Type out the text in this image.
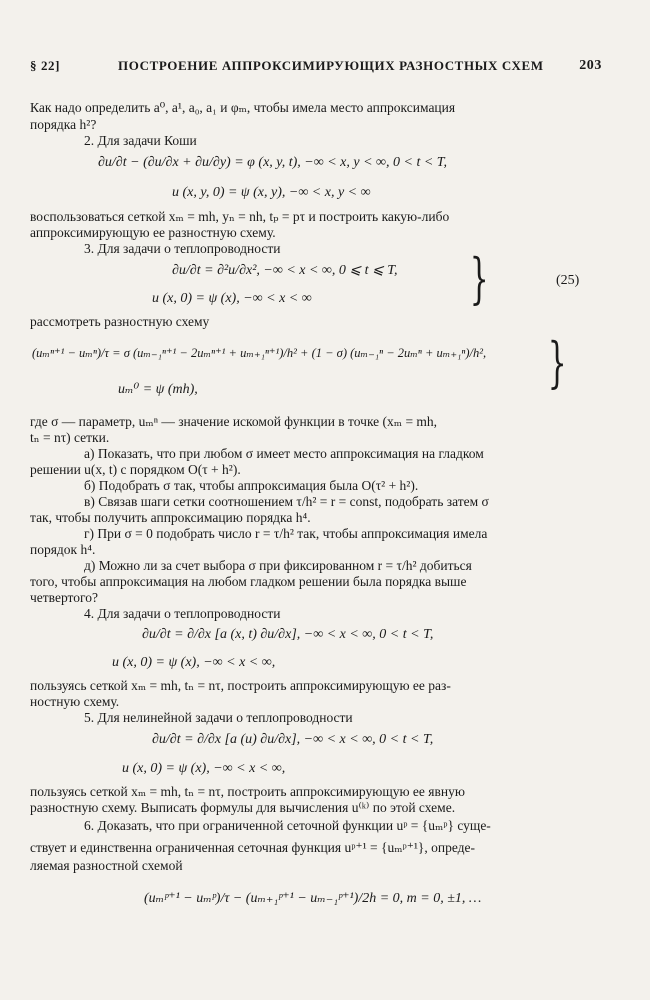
§ 22]	ПОСТРОЕНИЕ АППРОКСИМИРУЮЩИХ РАЗНОСТНЫХ СХЕМ	203
Как надо определить a⁰, a¹, a₀, a₁ и φₘ, чтобы имела место аппроксимация
порядка h²?
2. Для задачи Коши
∂u/∂t − (∂u/∂x + ∂u/∂y) = φ (x, y, t), −∞ < x, y < ∞, 0 < t < T,
u (x, y, 0) = ψ (x, y), −∞ < x, y < ∞
воспользоваться сеткой xₘ = mh, yₙ = nh, tₚ = pτ и построить какую-либо
аппроксимирующую ее разностную схему.
3. Для задачи о теплопроводности
∂u/∂t = ∂²u/∂x², −∞ < x < ∞, 0 ⩽ t ⩽ T,
u (x, 0) = ψ (x), −∞ < x < ∞	}	(25)
рассмотреть разностную схему
(uₘⁿ⁺¹ − uₘⁿ)/τ = σ (uₘ₋₁ⁿ⁺¹ − 2uₘⁿ⁺¹ + uₘ₊₁ⁿ⁺¹)/h² + (1 − σ) (uₘ₋₁ⁿ − 2uₘⁿ + uₘ₊₁ⁿ)/h²,
uₘ⁰ = ψ (mh),	}
где σ — параметр, uₘⁿ — значение искомой функции в точке (xₘ = mh,
tₙ = nτ) сетки.
а) Показать, что при любом σ имеет место аппроксимация на гладком
решении u(x, t) с порядком O(τ + h²).
б) Подобрать σ так, чтобы аппроксимация была O(τ² + h²).
в) Связав шаги сетки соотношением τ/h² = r = const, подобрать затем σ
так, чтобы получить аппроксимацию порядка h⁴.
г) При σ = 0 подобрать число r = τ/h² так, чтобы аппроксимация имела
порядок h⁴.
д) Можно ли за счет выбора σ при фиксированном r = τ/h² добиться
того, чтобы аппроксимация на любом гладком решении была порядка выше
четвертого?
4. Для задачи о теплопроводности
∂u/∂t = ∂/∂x [a (x, t) ∂u/∂x], −∞ < x < ∞, 0 < t < T,
u (x, 0) = ψ (x), −∞ < x < ∞,
пользуясь сеткой xₘ = mh, tₙ = nτ, построить аппроксимирующую ее раз-
ностную схему.
5. Для нелинейной задачи о теплопроводности
∂u/∂t = ∂/∂x [a (u) ∂u/∂x], −∞ < x < ∞, 0 < t < T,
u (x, 0) = ψ (x), −∞ < x < ∞,
пользуясь сеткой xₘ = mh, tₙ = nτ, построить аппроксимирующую ее явную
разностную схему. Выписать формулы для вычисления u⁽ᵏ⁾ по этой схеме.
6. Доказать, что при ограниченной сеточной функции uᵖ = {uₘᵖ} суще-
ствует и единственна ограниченная сеточная функция uᵖ⁺¹ = {uₘᵖ⁺¹}, опреде-
ляемая разностной схемой
(uₘᵖ⁺¹ − uₘᵖ)/τ − (uₘ₊₁ᵖ⁺¹ − uₘ₋₁ᵖ⁺¹)/2h = 0, m = 0, ±1, …
